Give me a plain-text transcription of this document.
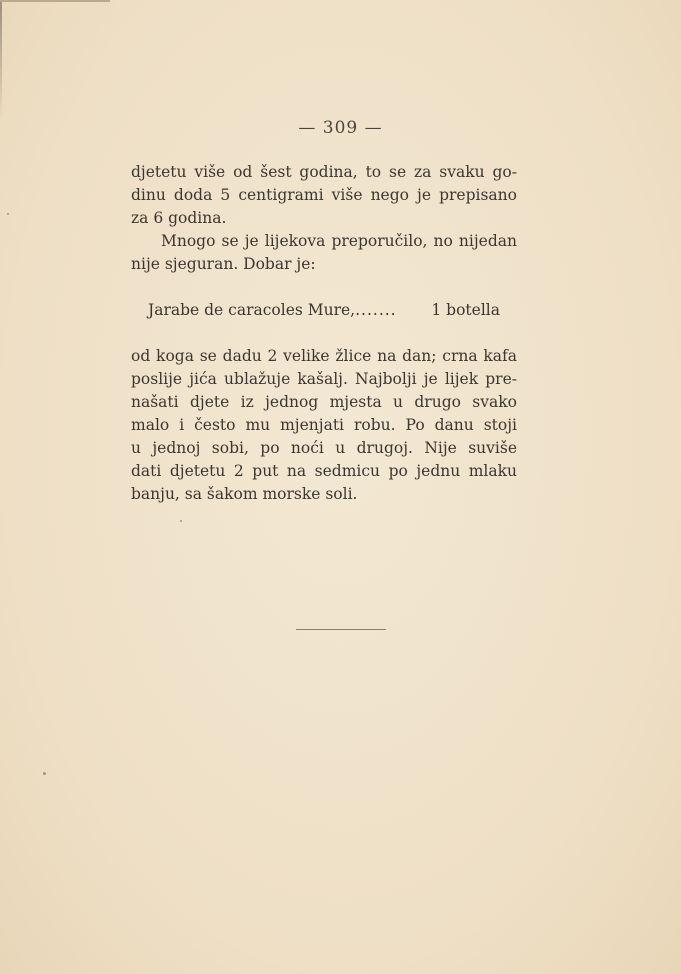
— 309 —
djetetu više od šest godina, to se za svaku go-
dinu doda 5 centigrami više nego je prepisano
za 6 godina.
Mnogo se je lijekova preporučilo, no nijedan
nije sjeguran. Dobar je:
Jarabe de caracoles Mure,....... 1 botella
od koga se dadu 2 velike žlice na dan; crna kafa
poslije jića ublažuje kašalj. Najbolji je lijek pre-
našati djete iz jednog mjesta u drugo svako
malo i često mu mjenjati robu. Po danu stoji
u jednoj sobi, po noći u drugoj. Nije suviše
dati djetetu 2 put na sedmicu po jednu mlaku
banju, sa šakom morske soli.
